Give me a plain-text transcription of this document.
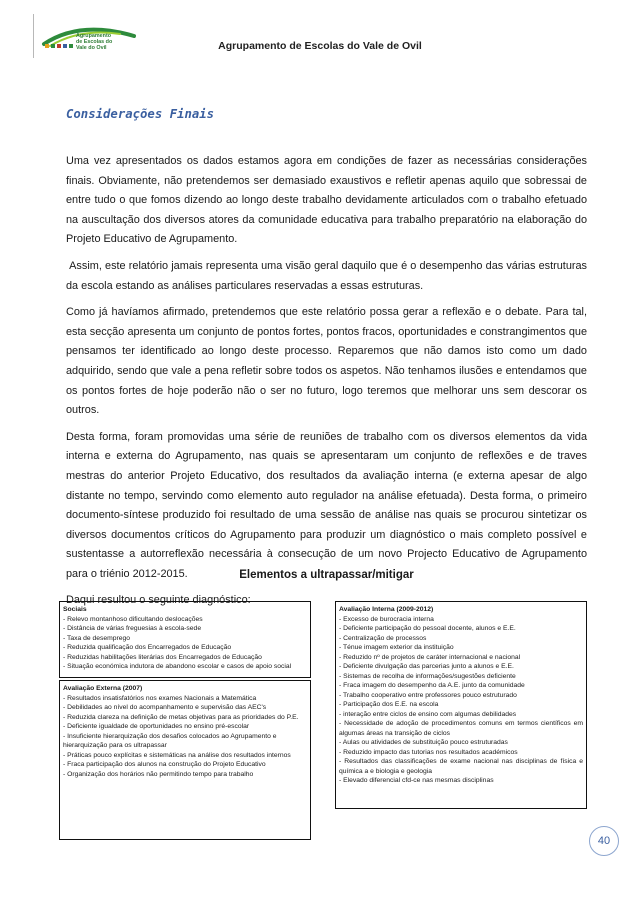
Agrupamento
de Escolas do
Vale do Ovil	Agrupamento de Escolas do Vale de Ovil
Considerações Finais

Uma vez apresentados os dados estamos agora em condições de fazer as necessárias considerações finais. Obviamente, não pretendemos ser demasiado exaustivos e refletir apenas aquilo que sobressai de entre tudo o que fomos dizendo ao longo deste trabalho devidamente articulados com o trabalho efetuado na auscultação dos diversos atores da comunidade educativa para trabalho preparatório na elaboração do Projeto Educativo de Agrupamento.

Assim, este relatório jamais representa uma visão geral daquilo que é o desempenho das várias estruturas da escola estando as análises particulares reservadas a essas estruturas.

Como já havíamos afirmado, pretendemos que este relatório possa gerar a reflexão e o debate. Para tal, esta secção apresenta um conjunto de pontos fortes, pontos fracos, oportunidades e constrangimentos que pensamos ter identificado ao longo deste processo. Reparemos que não damos isto como um dado adquirido, sendo que vale a pena refletir sobre todos os aspetos. Não tenhamos ilusões e entendamos que os pontos fortes de hoje poderão não o ser no futuro, logo teremos que melhorar uns sem descorar os outros.

Desta forma, foram promovidas uma série de reuniões de trabalho com os diversos elementos da vida interna e externa do Agrupamento, nas quais se apresentaram um conjunto de reflexões e de traves mestras do anterior Projeto Educativo, dos resultados da avaliação interna (e externa apesar de algo distante no tempo, servindo como elemento auto regulador na análise efetuada). Desta forma, o primeiro documento-síntese produzido foi resultado de uma sessão de análise nas quais se procurou sintetizar os diversos documentos críticos do Agrupamento para produzir um diagnóstico o mais completo possível e sustentasse a autorreflexão necessária à consecução de um novo Projecto Educativo de Agrupamento para o triénio 2012-2015.

Daqui resultou o seguinte diagnóstico:

Elementos a ultrapassar/mitigar
Sociais
- Relevo montanhoso dificultando deslocações
- Distância de várias freguesias à escola-sede
- Taxa de desemprego
- Reduzida qualificação dos Encarregados de Educação
- Reduzidas habilitações literárias dos Encarregados de Educação
- Situação económica indutora de abandono escolar e casos de apoio social
Avaliação Externa (2007)
- Resultados insatisfatórios nos exames Nacionais a Matemática
- Debilidades ao nível do acompanhamento e supervisão das AEC's
- Reduzida clareza na definição de metas objetivas para as prioridades do P.E.
- Deficiente igualdade de oportunidades no ensino pré-escolar
- Insuficiente hierarquização dos desafios colocados ao Agrupamento e hierarquização para os ultrapassar
- Práticas pouco explícitas e sistemáticas na análise dos resultados internos
- Fraca participação dos alunos na construção do Projeto Educativo
- Organização dos horários não permitindo tempo para trabalho
Avaliação Interna (2009-2012)
- Excesso de burocracia interna
- Deficiente participação do pessoal docente, alunos e E.E.
- Centralização de processos
- Ténue imagem exterior da instituição
- Reduzido nº de projetos de caráter internacional e nacional
- Deficiente divulgação das parcerias junto a alunos e E.E.
- Sistemas de recolha de informações/sugestões deficiente
- Fraca imagem do desempenho da A.E. junto da comunidade
- Trabalho cooperativo entre professores pouco estruturado
- Participação dos E.E. na escola
- interação entre ciclos de ensino com algumas debilidades
- Necessidade de adoção de procedimentos comuns em termos científicos em algumas áreas na transição de ciclos
- Aulas ou atividades de substituição pouco estruturadas
- Reduzido impacto das tutorias nos resultados académicos
- Resultados das classificações de exame nacional nas disciplinas de física e química a e biologia e geologia
- Elevado diferencial cfd-ce nas mesmas disciplinas
40
